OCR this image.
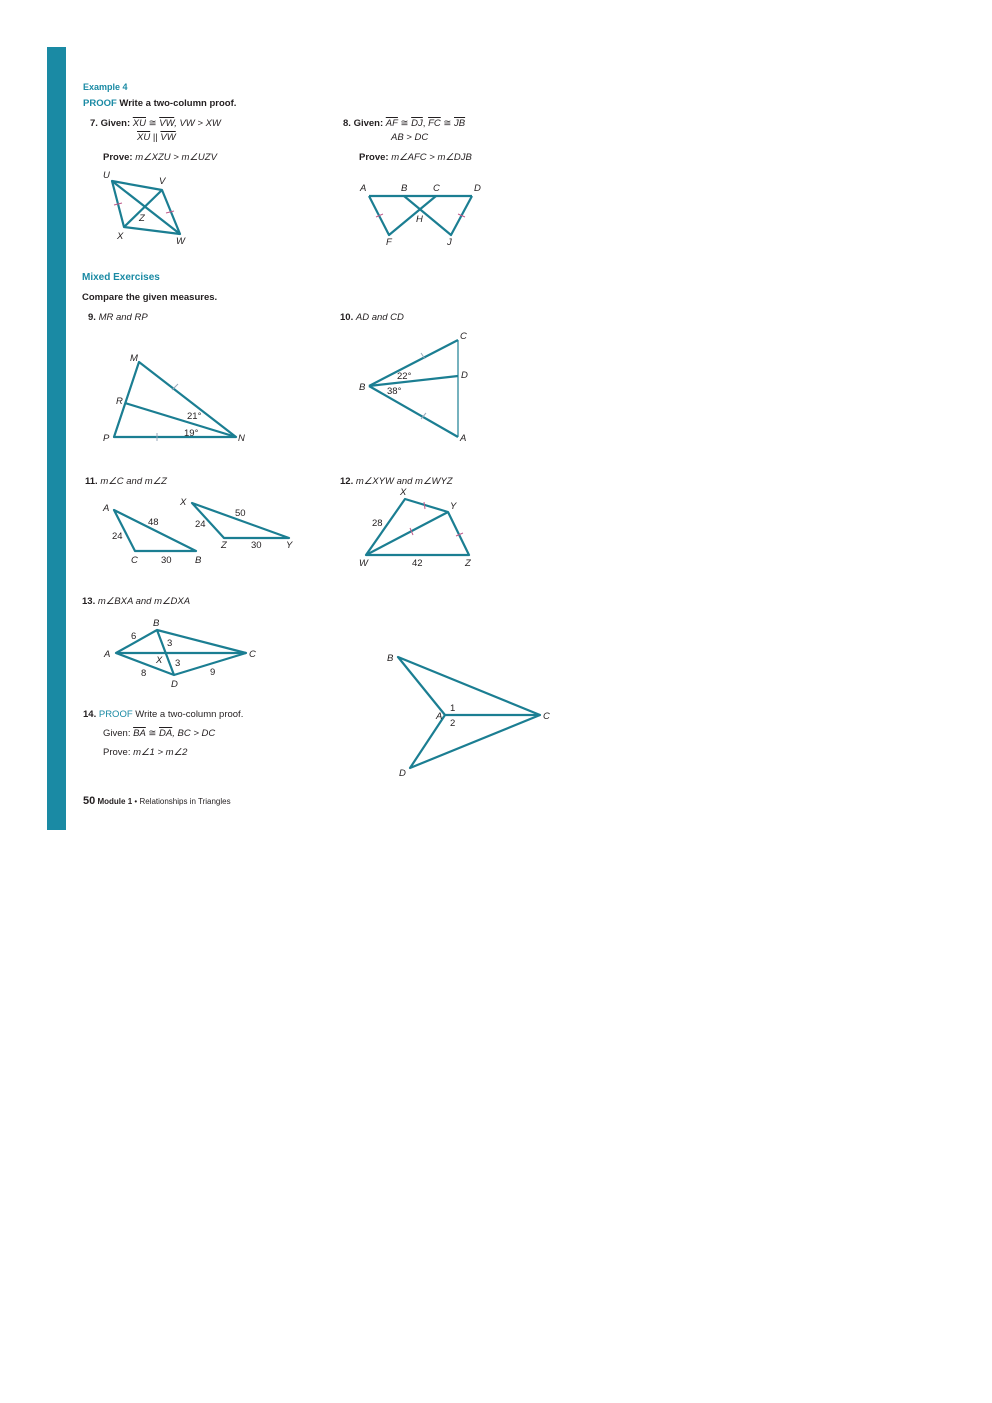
Example 4
PROOF Write a two-column proof.
7. Given: $\overline{XU}$ ≅ $\overline{VW}$, VW > XW
$\overline{XU}$ || $\overline{VW}$
Prove: m∠XZU > m∠UZV
8. Given: $\overline{AF}$ ≅ $\overline{DJ}$, $\overline{FC}$ ≅ $\overline{JB}$
AB > DC
Prove: m∠AFC > m∠DJB
Mixed Exercises
Compare the given measures.
9. MR and RP	10. AD and CD
11. m∠C and m∠Z	12. m∠XYW and m∠WYZ
13. m∠BXA and m∠DXA
14. PROOF Write a two-column proof.
Given: $\overline{BA}$ ≅ $\overline{DA}$, BC > DC
Prove: m∠1 > m∠2
50 Module 1 • Relationships in Triangles
U
V
Z
X	W
A	B	C	D
H
F	J
M
R
P	N
21°
19°
C
D
B
A
22°
38°
A
C	B
X
Z	Y
48
24
30
50
24
30
X
Y
W	Z
28
42
B
A	C
X
D
6
3
3
8	9
B
A	C
D
1
2
